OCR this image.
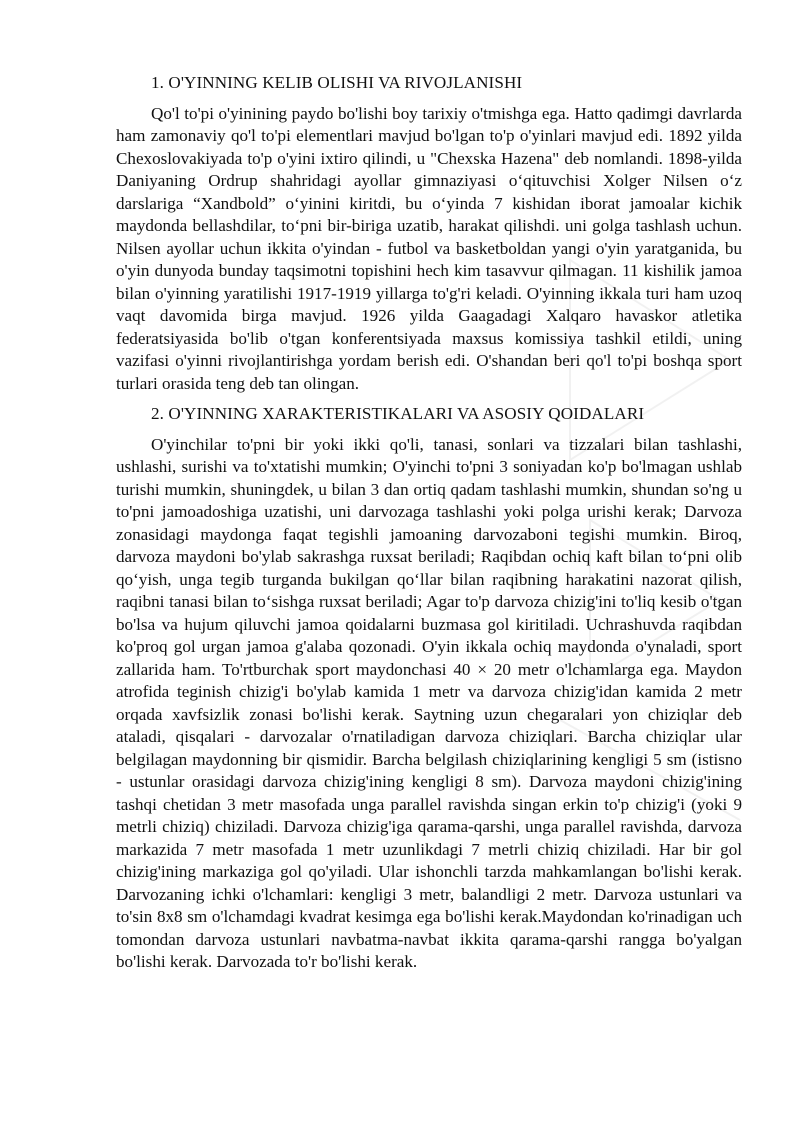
1. O'YINNING KELIB OLISHI VA RIVOJLANISHI

Qo'l to'pi o'yinining paydo bo'lishi boy tarixiy o'tmishga ega. Hatto qadimgi davrlarda ham zamonaviy qo'l to'pi elementlari mavjud bo'lgan to'p o'yinlari mavjud edi. 1892 yilda Chexoslovakiyada to'p o'yini ixtiro qilindi, u "Chexska Hazena" deb nomlandi. 1898-yilda Daniyaning Ordrup shahridagi ayollar gimnaziyasi o‘qituvchisi Xolger Nilsen o‘z darslariga “Xandbold” o‘yinini kiritdi, bu o‘yinda 7 kishidan iborat jamoalar kichik maydonda bellashdilar, to‘pni bir-biriga uzatib, harakat qilishdi. uni golga tashlash uchun. Nilsen ayollar uchun ikkita o'yindan - futbol va basketboldan yangi o'yin yaratganida, bu o'yin dunyoda bunday taqsimotni topishini hech kim tasavvur qilmagan. 11 kishilik jamoa bilan o'yinning yaratilishi 1917-1919 yillarga to'g'ri keladi. O'yinning ikkala turi ham uzoq vaqt davomida birga mavjud. 1926 yilda Gaagadagi Xalqaro havaskor atletika federatsiyasida bo'lib o'tgan konferentsiyada maxsus komissiya tashkil etildi, uning vazifasi o'yinni rivojlantirishga yordam berish edi. O'shandan beri qo'l to'pi boshqa sport turlari orasida teng deb tan olingan.

2. O'YINNING XARAKTERISTIKALARI VA ASOSIY QOIDALARI

O'yinchilar to'pni bir yoki ikki qo'li, tanasi, sonlari va tizzalari bilan tashlashi, ushlashi, surishi va to'xtatishi mumkin; O'yinchi to'pni 3 soniyadan ko'p bo'lmagan ushlab turishi mumkin, shuningdek, u bilan 3 dan ortiq qadam tashlashi mumkin, shundan so'ng u to'pni jamoadoshiga uzatishi, uni darvozaga tashlashi yoki polga urishi kerak; Darvoza zonasidagi maydonga faqat tegishli jamoaning darvozaboni tegishi mumkin. Biroq, darvoza maydoni bo'ylab sakrashga ruxsat beriladi; Raqibdan ochiq kaft bilan to‘pni olib qo‘yish, unga tegib turganda bukilgan qo‘llar bilan raqibning harakatini nazorat qilish, raqibni tanasi bilan to‘sishga ruxsat beriladi; Agar to'p darvoza chizig'ini to'liq kesib o'tgan bo'lsa va hujum qiluvchi jamoa qoidalarni buzmasa gol kiritiladi. Uchrashuvda raqibdan ko'proq gol urgan jamoa g'alaba qozonadi. O'yin ikkala ochiq maydonda o'ynaladi, sport zallarida ham. To'rtburchak sport maydonchasi 40 × 20 metr o'lchamlarga ega. Maydon atrofida teginish chizig'i bo'ylab kamida 1 metr va darvoza chizig'idan kamida 2 metr orqada xavfsizlik zonasi bo'lishi kerak. Saytning uzun chegaralari yon chiziqlar deb ataladi, qisqalari - darvozalar o'rnatiladigan darvoza chiziqlari. Barcha chiziqlar ular belgilagan maydonning bir qismidir. Barcha belgilash chiziqlarining kengligi 5 sm (istisno - ustunlar orasidagi darvoza chizig'ining kengligi 8 sm). Darvoza maydoni chizig'ining tashqi chetidan 3 metr masofada unga parallel ravishda singan erkin to'p chizig'i (yoki 9 metrli chiziq) chiziladi. Darvoza chizig'iga qarama-qarshi, unga parallel ravishda, darvoza markazida 7 metr masofada 1 metr uzunlikdagi 7 metrli chiziq chiziladi. Har bir gol chizig'ining markaziga gol qo'yiladi. Ular ishonchli tarzda mahkamlangan bo'lishi kerak. Darvozaning ichki o'lchamlari: kengligi 3 metr, balandligi 2 metr. Darvoza ustunlari va to'sin 8x8 sm o'lchamdagi kvadrat kesimga ega bo'lishi kerak.Maydondan ko'rinadigan uch tomondan darvoza ustunlari navbatma-navbat ikkita qarama-qarshi rangga bo'yalgan bo'lishi kerak. Darvozada to'r bo'lishi kerak.
